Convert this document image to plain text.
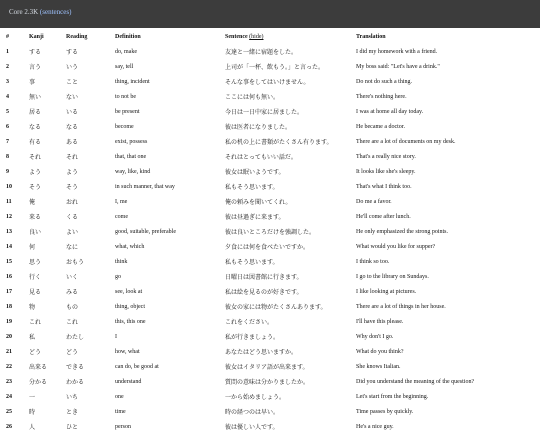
Core 2.3K (sentences)
#	Kanji	Reading	Definition	Sentence (hide)	Translation
1	する	する	do, make	友達と一緒に宿題をした。	I did my homework with a friend.
2	言う	いう	say, tell	上司が「一杯、飲もう。」と言った。	My boss said: "Let's have a drink."
3	事	こと	thing, incident	そんな事をしてはいけません。	Do not do such a thing.
4	無い	ない	to not be	ここには何も無い。	There's nothing here.
5	居る	いる	be present	今日は一日中家に居ました。	I was at home all day today.
6	なる	なる	become	彼は医者になりました。	He became a doctor.
7	有る	ある	exist, possess	私の机の上に書類がたくさん有ります。	There are a lot of documents on my desk.
8	それ	それ	that, that one	それはとってもいい話だ。	That's a really nice story.
9	よう	よう	way, like, kind	彼女は眠いようです。	It looks like she's sleepy.
10	そう	そう	in such manner, that way	私もそう思います。	That's what I think too.
11	俺	おれ	I, me	俺の頼みを聞いてくれ。	Do me a favor.
12	来る	くる	come	彼は昼過ぎに来ます。	He'll come after lunch.
13	良い	よい	good, suitable, preferable	彼は良いところだけを強調した。	He only emphasized the strong points.
14	何	なに	what, which	夕食には何を食べたいですか。	What would you like for supper?
15	思う	おもう	think	私もそう思います。	I think so too.
16	行く	いく	go	日曜日は図書館に行きます。	I go to the library on Sundays.
17	見る	みる	see, look at	私は絵を見るのが好きです。	I like looking at pictures.
18	物	もの	thing, object	彼女の家には物がたくさんあります。	There are a lot of things in her house.
19	これ	これ	this, this one	これをください。	I'll have this please.
20	私	わたし	I	私が行きましょう。	Why don't I go.
21	どう	どう	how, what	あなたはどう思いますか。	What do you think?
22	出来る	できる	can do, be good at	彼女はイタリア語が出来ます。	She knows Italian.
23	分かる	わかる	understand	質問の意味は分かりましたか。	Did you understand the meaning of the question?
24	一	いち	one	一から始めましょう。	Let's start from the beginning.
25	時	とき	time	時の経つのは早い。	Time passes by quickly.
26	人	ひと	person	彼は優しい人です。	He's a nice guy.
